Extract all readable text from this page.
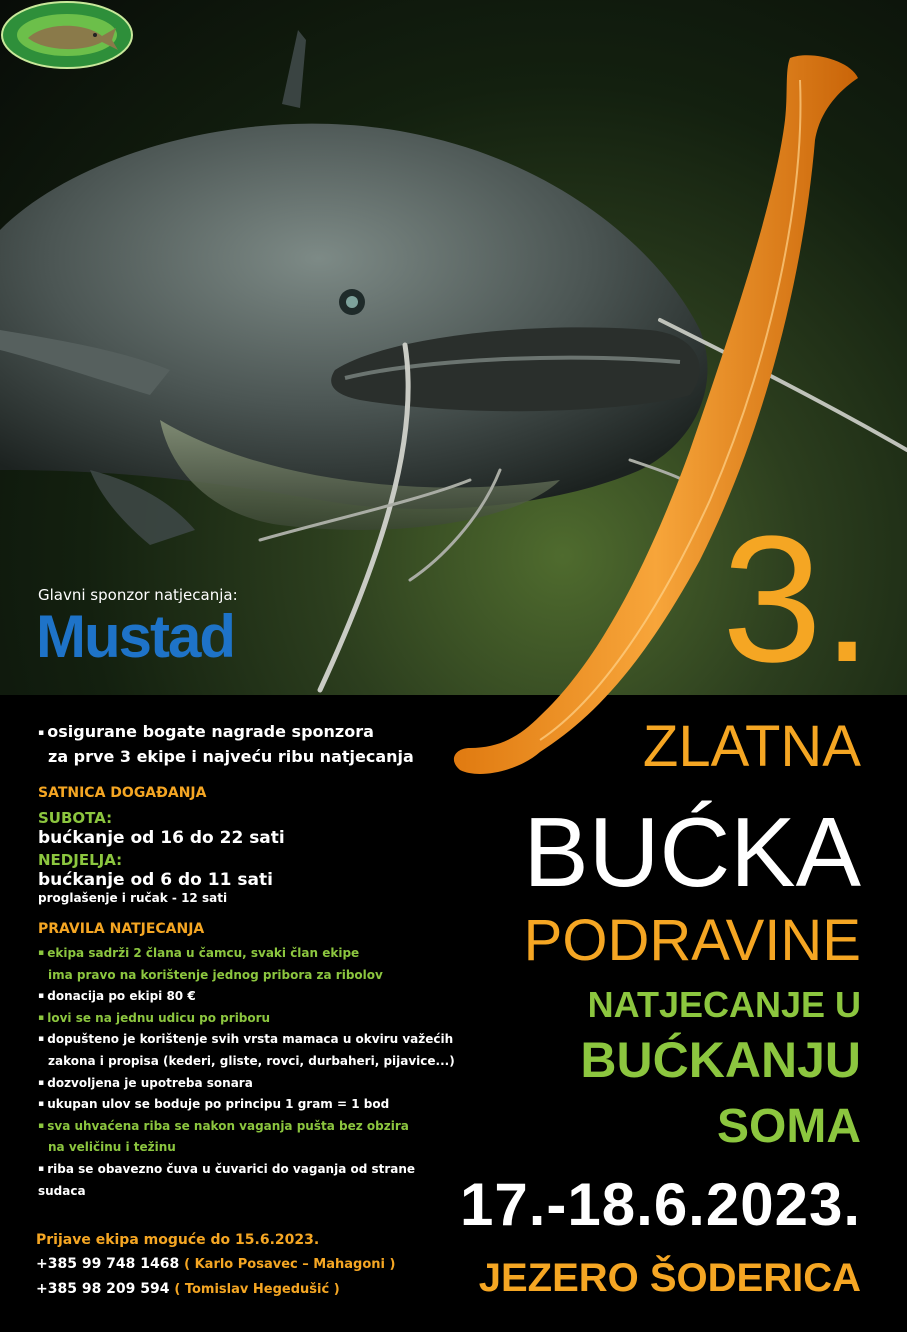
Glavni sponzor natjecanja:
Mustad	3.
ZLATNA
BUĆKA
PODRAVINE
NATJECANJE U
BUĆKANJU
SOMA
17.-18.6.2023.
JEZERO ŠODERICA
▪ osigurane bogate nagrade sponzora
za prve 3 ekipe i najveću ribu natjecanja
SATNICA DOGAĐANJA
SUBOTA:
bućkanje od 16 do 22 sati
NEDJELJA:
bućkanje od 6 do 11 sati
proglašenje i ručak - 12 sati
PRAVILA NATJECANJA
▪ ekipa sadrži 2 člana u čamcu, svaki član ekipe
ima pravo na korištenje jednog pribora za ribolov
▪ donacija po ekipi 80 €
▪ lovi se na jednu udicu po priboru
▪ dopušteno je korištenje svih vrsta mamaca u okviru važećih
zakona i propisa (kederi, gliste, rovci, durbaheri, pijavice...)
▪ dozvoljena je upotreba sonara
▪ ukupan ulov se boduje po principu 1 gram = 1 bod
▪ sva uhvaćena riba se nakon vaganja pušta bez obzira
na veličinu i težinu
▪ riba se obavezno čuva u čuvarici do vaganja od strane sudaca
Prijave ekipa moguće do 15.6.2023.
+385 99 748 1468 ( Karlo Posavec – Mahagoni )
+385 98 209 594 ( Tomislav Hegedušić )
